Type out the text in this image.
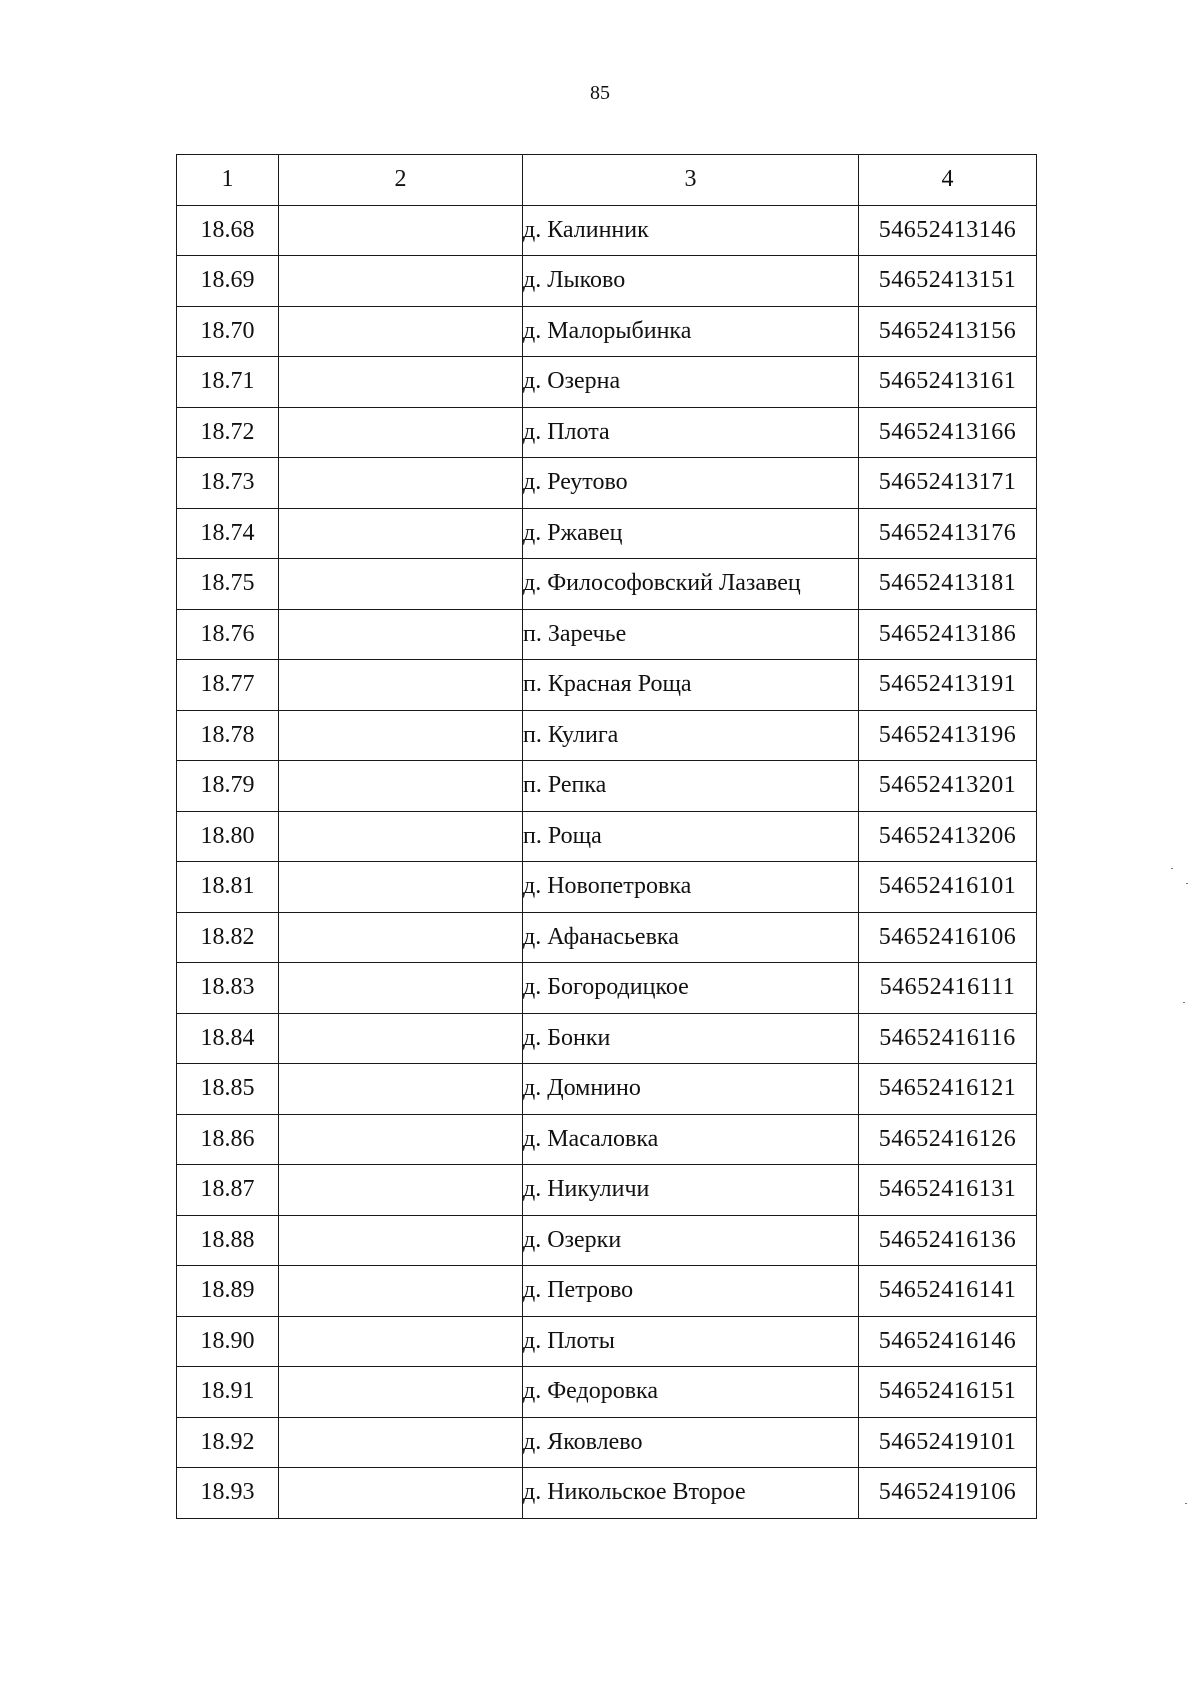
85
1	2	3	4
18.68		д. Калинник	54652413146
18.69		д. Лыково	54652413151
18.70		д. Малорыбинка	54652413156
18.71		д. Озерна	54652413161
18.72		д. Плота	54652413166
18.73		д. Реутово	54652413171
18.74		д. Ржавец	54652413176
18.75		д. Философовский Лазавец	54652413181
18.76		п. Заречье	54652413186
18.77		п. Красная Роща	54652413191
18.78		п. Кулига	54652413196
18.79		п. Репка	54652413201
18.80		п. Роща	54652413206
18.81		д. Новопетровка	54652416101
18.82		д. Афанасьевка	54652416106
18.83		д. Богородицкое	54652416111
18.84		д. Бонки	54652416116
18.85		д. Домнино	54652416121
18.86		д. Масаловка	54652416126
18.87		д. Никуличи	54652416131
18.88		д. Озерки	54652416136
18.89		д. Петрово	54652416141
18.90		д. Плоты	54652416146
18.91		д. Федоровка	54652416151
18.92		д. Яковлево	54652419101
18.93		д. Никольское Второе	54652419106
